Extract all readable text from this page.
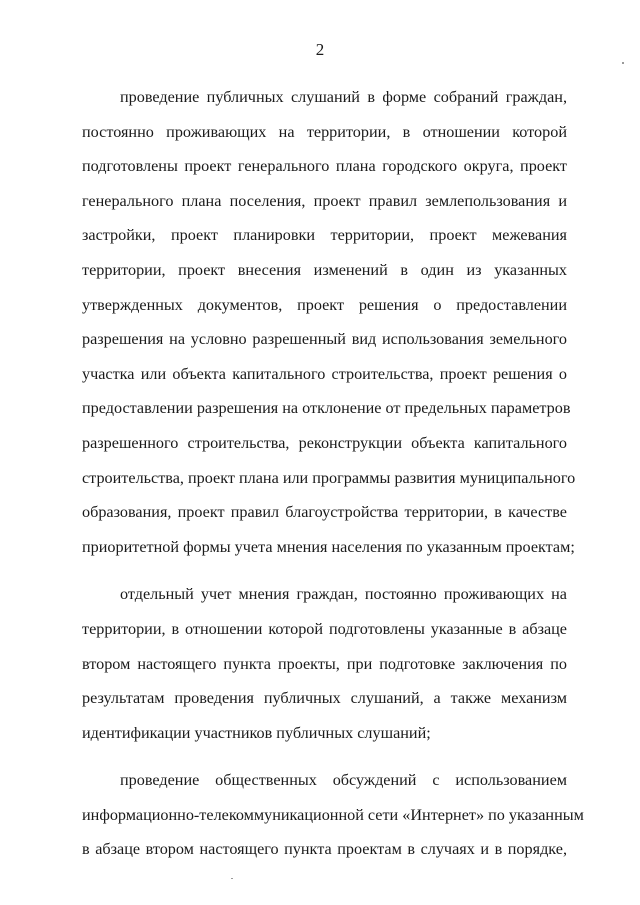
2

проведение публичных слушаний в форме собраний граждан,
постоянно проживающих на территории, в отношении которой
подготовлены проект генерального плана городского округа, проект
генерального плана поселения, проект правил землепользования и
застройки, проект планировки территории, проект межевания
территории, проект внесения изменений в один из указанных
утвержденных документов, проект решения о предоставлении
разрешения на условно разрешенный вид использования земельного
участка или объекта капитального строительства, проект решения о
предоставлении разрешения на отклонение от предельных параметров
разрешенного строительства, реконструкции объекта капитального
строительства, проект плана или программы развития муниципального
образования, проект правил благоустройства территории, в качестве
приоритетной формы учета мнения населения по указанным проектам;

отдельный учет мнения граждан, постоянно проживающих на
территории, в отношении которой подготовлены указанные в абзаце
втором настоящего пункта проекты, при подготовке заключения по
результатам проведения публичных слушаний, а также механизм
идентификации участников публичных слушаний;

проведение общественных обсуждений с использованием
информационно-телекоммуникационной сети «Интернет» по указанным
в абзаце втором настоящего пункта проектам в случаях и в порядке,
